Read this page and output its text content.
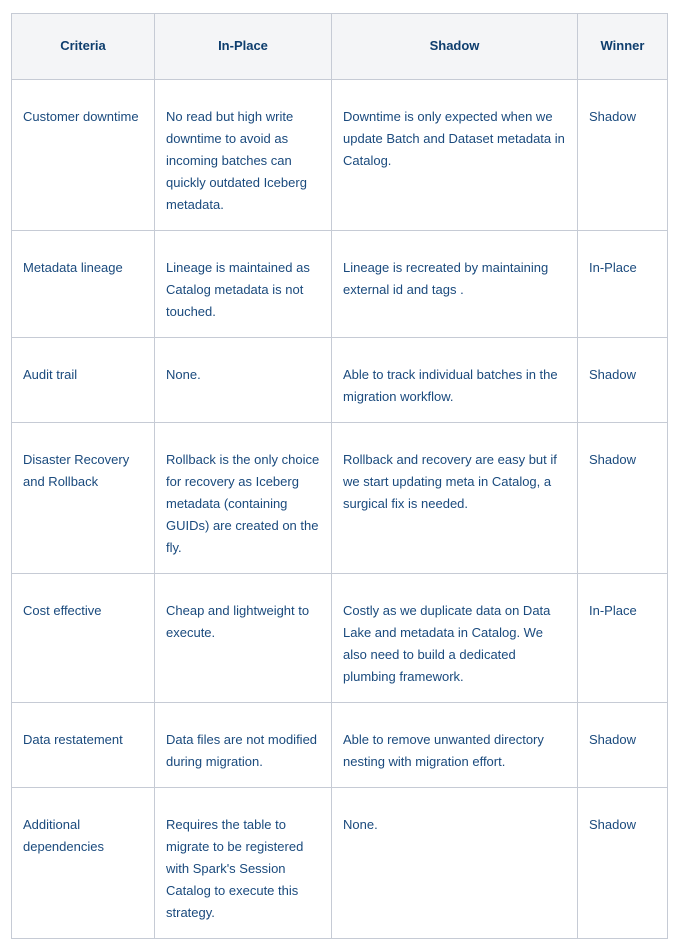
Criteria	In-Place	Shadow	Winner
Customer downtime	No read but high write downtime to avoid as incoming batches can quickly outdated Iceberg metadata.	Downtime is only expected when we update Batch and Dataset metadata in Catalog.	Shadow
Metadata lineage	Lineage is maintained as Catalog metadata is not touched.	Lineage is recreated by maintaining external id and tags .	In-Place
Audit trail	None.	Able to track individual batches in the migration workflow.	Shadow
Disaster Recovery and Rollback	Rollback is the only choice for recovery as Iceberg metadata (containing GUIDs) are created on the fly.	Rollback and recovery are easy but if we start updating meta in Catalog, a surgical fix is needed.	Shadow
Cost effective	Cheap and lightweight to execute.	Costly as we duplicate data on Data Lake and metadata in Catalog. We also need to build a dedicated plumbing framework.	In-Place
Data restatement	Data files are not modified during migration.	Able to remove unwanted directory nesting with migration effort.	Shadow
Additional dependencies	Requires the table to migrate to be registered with Spark's Session Catalog to execute this strategy.	None.	Shadow
